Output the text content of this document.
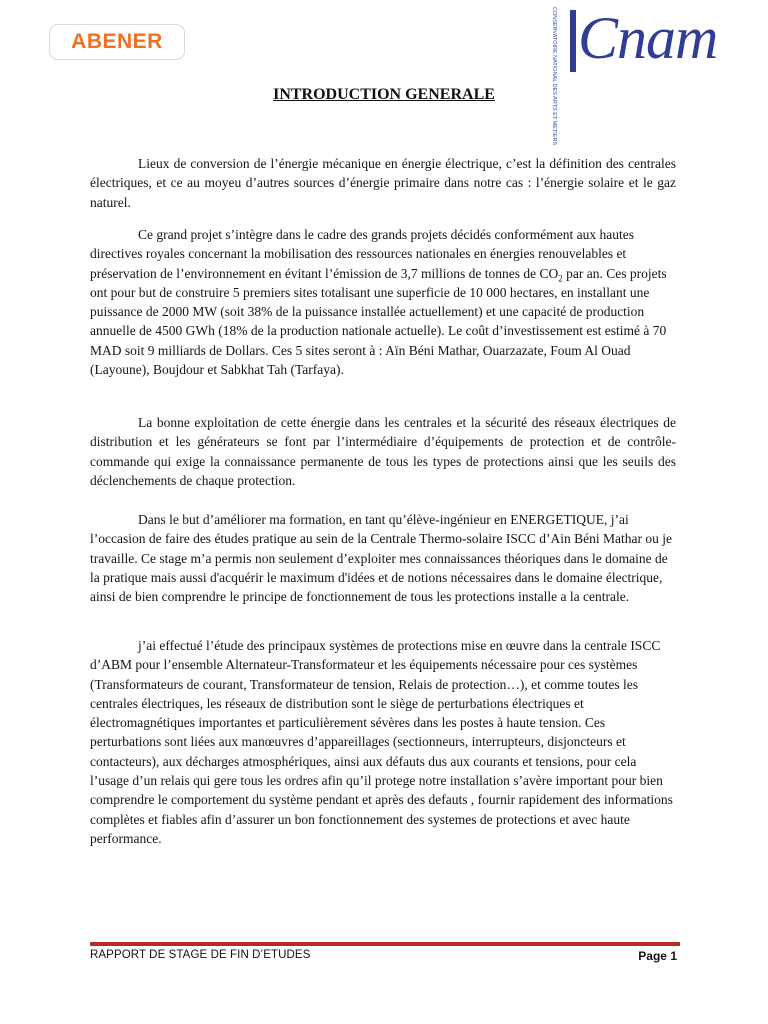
ABENER	CONSERVATOIRE NATIONAL DES ARTS ET MÉTIERS Cnam
INTRODUCTION GENERALE

Lieux de conversion de l’énergie mécanique en énergie électrique, c’est la définition des centrales électriques, et ce au moyeu d’autres sources d’énergie primaire dans notre cas : l’énergie solaire et le gaz naturel.

Ce grand projet s’intègre dans le cadre des grands projets décidés conformément aux hautes directives royales concernant la mobilisation des ressources nationales en énergies renouvelables et préservation de l’environnement en évitant l’émission de 3,7 millions de tonnes de $CO_2$ par an. Ces projets ont pour but de construire 5 premiers sites totalisant une superficie de 10 000 hectares, en installant une puissance de 2000 MW (soit 38% de la puissance installée actuellement) et une capacité de production annuelle de 4500 GWh (18% de la production nationale actuelle). Le coût d’investissement est estimé à 70 MAD soit 9 milliards de Dollars. Ces 5 sites seront à : Aïn Béni Mathar, Ouarzazate, Foum Al Ouad (Layoune), Boujdour et Sabkhat Tah (Tarfaya).

La bonne exploitation de cette énergie dans les centrales et la sécurité des réseaux électriques de distribution et les générateurs se font par l’intermédiaire d’équipements de protection et de contrôle-commande qui exige la connaissance permanente de tous les types de protections ainsi que les seuils des déclenchements de chaque protection.

Dans le but d’améliorer ma formation, en tant qu’élève-ingénieur en ENERGETIQUE, j’ai l’occasion de faire des études pratique au sein de la Centrale Thermo-solaire ISCC d’Ain Béni Mathar ou je travaille. Ce stage m’a permis non seulement d’exploiter mes connaissances théoriques dans le domaine de la pratique mais aussi d'acquérir le maximum d'idées et de notions nécessaires dans le domaine électrique, ainsi de bien comprendre le principe de fonctionnement de tous les protections installe a la centrale.

j’ai effectué l’étude des principaux systèmes de protections mise en œuvre dans la centrale ISCC d’ABM pour l’ensemble Alternateur-Transformateur et les équipements nécessaire pour ces systèmes (Transformateurs de courant, Transformateur de tension, Relais de protection…), et comme toutes les centrales électriques, les réseaux de distribution sont le siège de perturbations électriques et électromagnétiques importantes et particulièrement sévères dans les postes à haute tension. Ces perturbations sont liées aux manœuvres d’appareillages (sectionneurs, interrupteurs, disjoncteurs et contacteurs), aux décharges atmosphériques, ainsi aux défauts dus aux courants et tensions, pour cela l’usage d’un relais qui gere tous les ordres afin qu’il protege notre installation s’avère important pour bien comprendre le comportement du système pendant et après des defauts , fournir rapidement des informations complètes et fiables afin d’assurer un bon fonctionnement des systemes de protections et avec haute performance.

RAPPORT DE STAGE DE FIN D’ETUDES	Page 1
